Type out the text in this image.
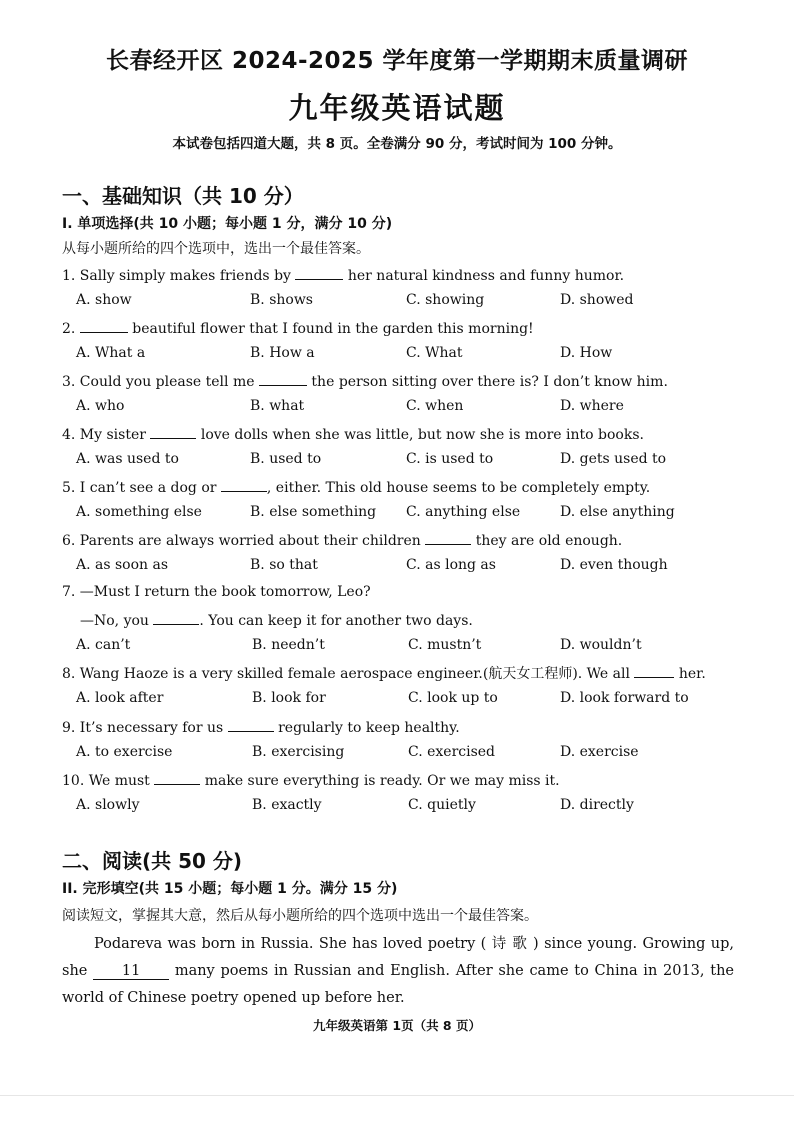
长春经开区 2024-2025 学年度第一学期期末质量调研
九年级英语试题
本试卷包括四道大题，共 8 页。全卷满分 90 分，考试时间为 100 分钟。
一、基础知识（共 10 分）
I. 单项选择(共 10 小题；每小题 1 分，满分 10 分)
从每小题所给的四个选项中，选出一个最佳答案。
1. Sally simply makes friends by	her natural kindness and funny humor.
A. show	B. shows	C. showing	D. showed
2.	beautiful flower that I found in the garden this morning!
A. What a	B. How a	C. What	D. How
3. Could you please tell me	the person sitting over there is? I don’t know him.
A. who	B. what	C. when	D. where
4. My sister	love dolls when she was little, but now she is more into books.
A. was used to	B. used to	C. is used to	D. gets used to
5. I can’t see a dog or	, either. This old house seems to be completely empty.
A. something else	B. else something C. anything else	D. else anything
6. Parents are always worried about their children	they are old enough.
A. as soon as	B. so that	C. as long as	D. even though
7. —Must I return the book tomorrow, Leo?
—No, you	. You can keep it for another two days.
A. can’t	B. needn’t	C. mustn’t	D. wouldn’t
8. Wang Haoze is a very skilled female aerospace engineer.(航天女工程师). We all	her.
A. look after	B. look for	C. look up to	D. look forward to
9. It’s necessary for us	regularly to keep healthy.
A. to exercise	B. exercising	C. exercised	D. exercise
10. We must	make sure everything is ready. Or we may miss it.
A. slowly	B. exactly	C. quietly	D. directly
二、阅读(共 50 分)
II. 完形填空(共 15 小题；每小题 1 分。满分 15 分)
阅读短文，掌握其大意，然后从每小题所给的四个选项中选出一个最佳答案。
Podareva was born in Russia. She has loved poetry ( 诗 歌 ) since young. Growing up, she 11 many poems in Russian and English. After she came to China in 2013, the world of Chinese poetry opened up before her.
九年级英语第 1页（共 8 页）
